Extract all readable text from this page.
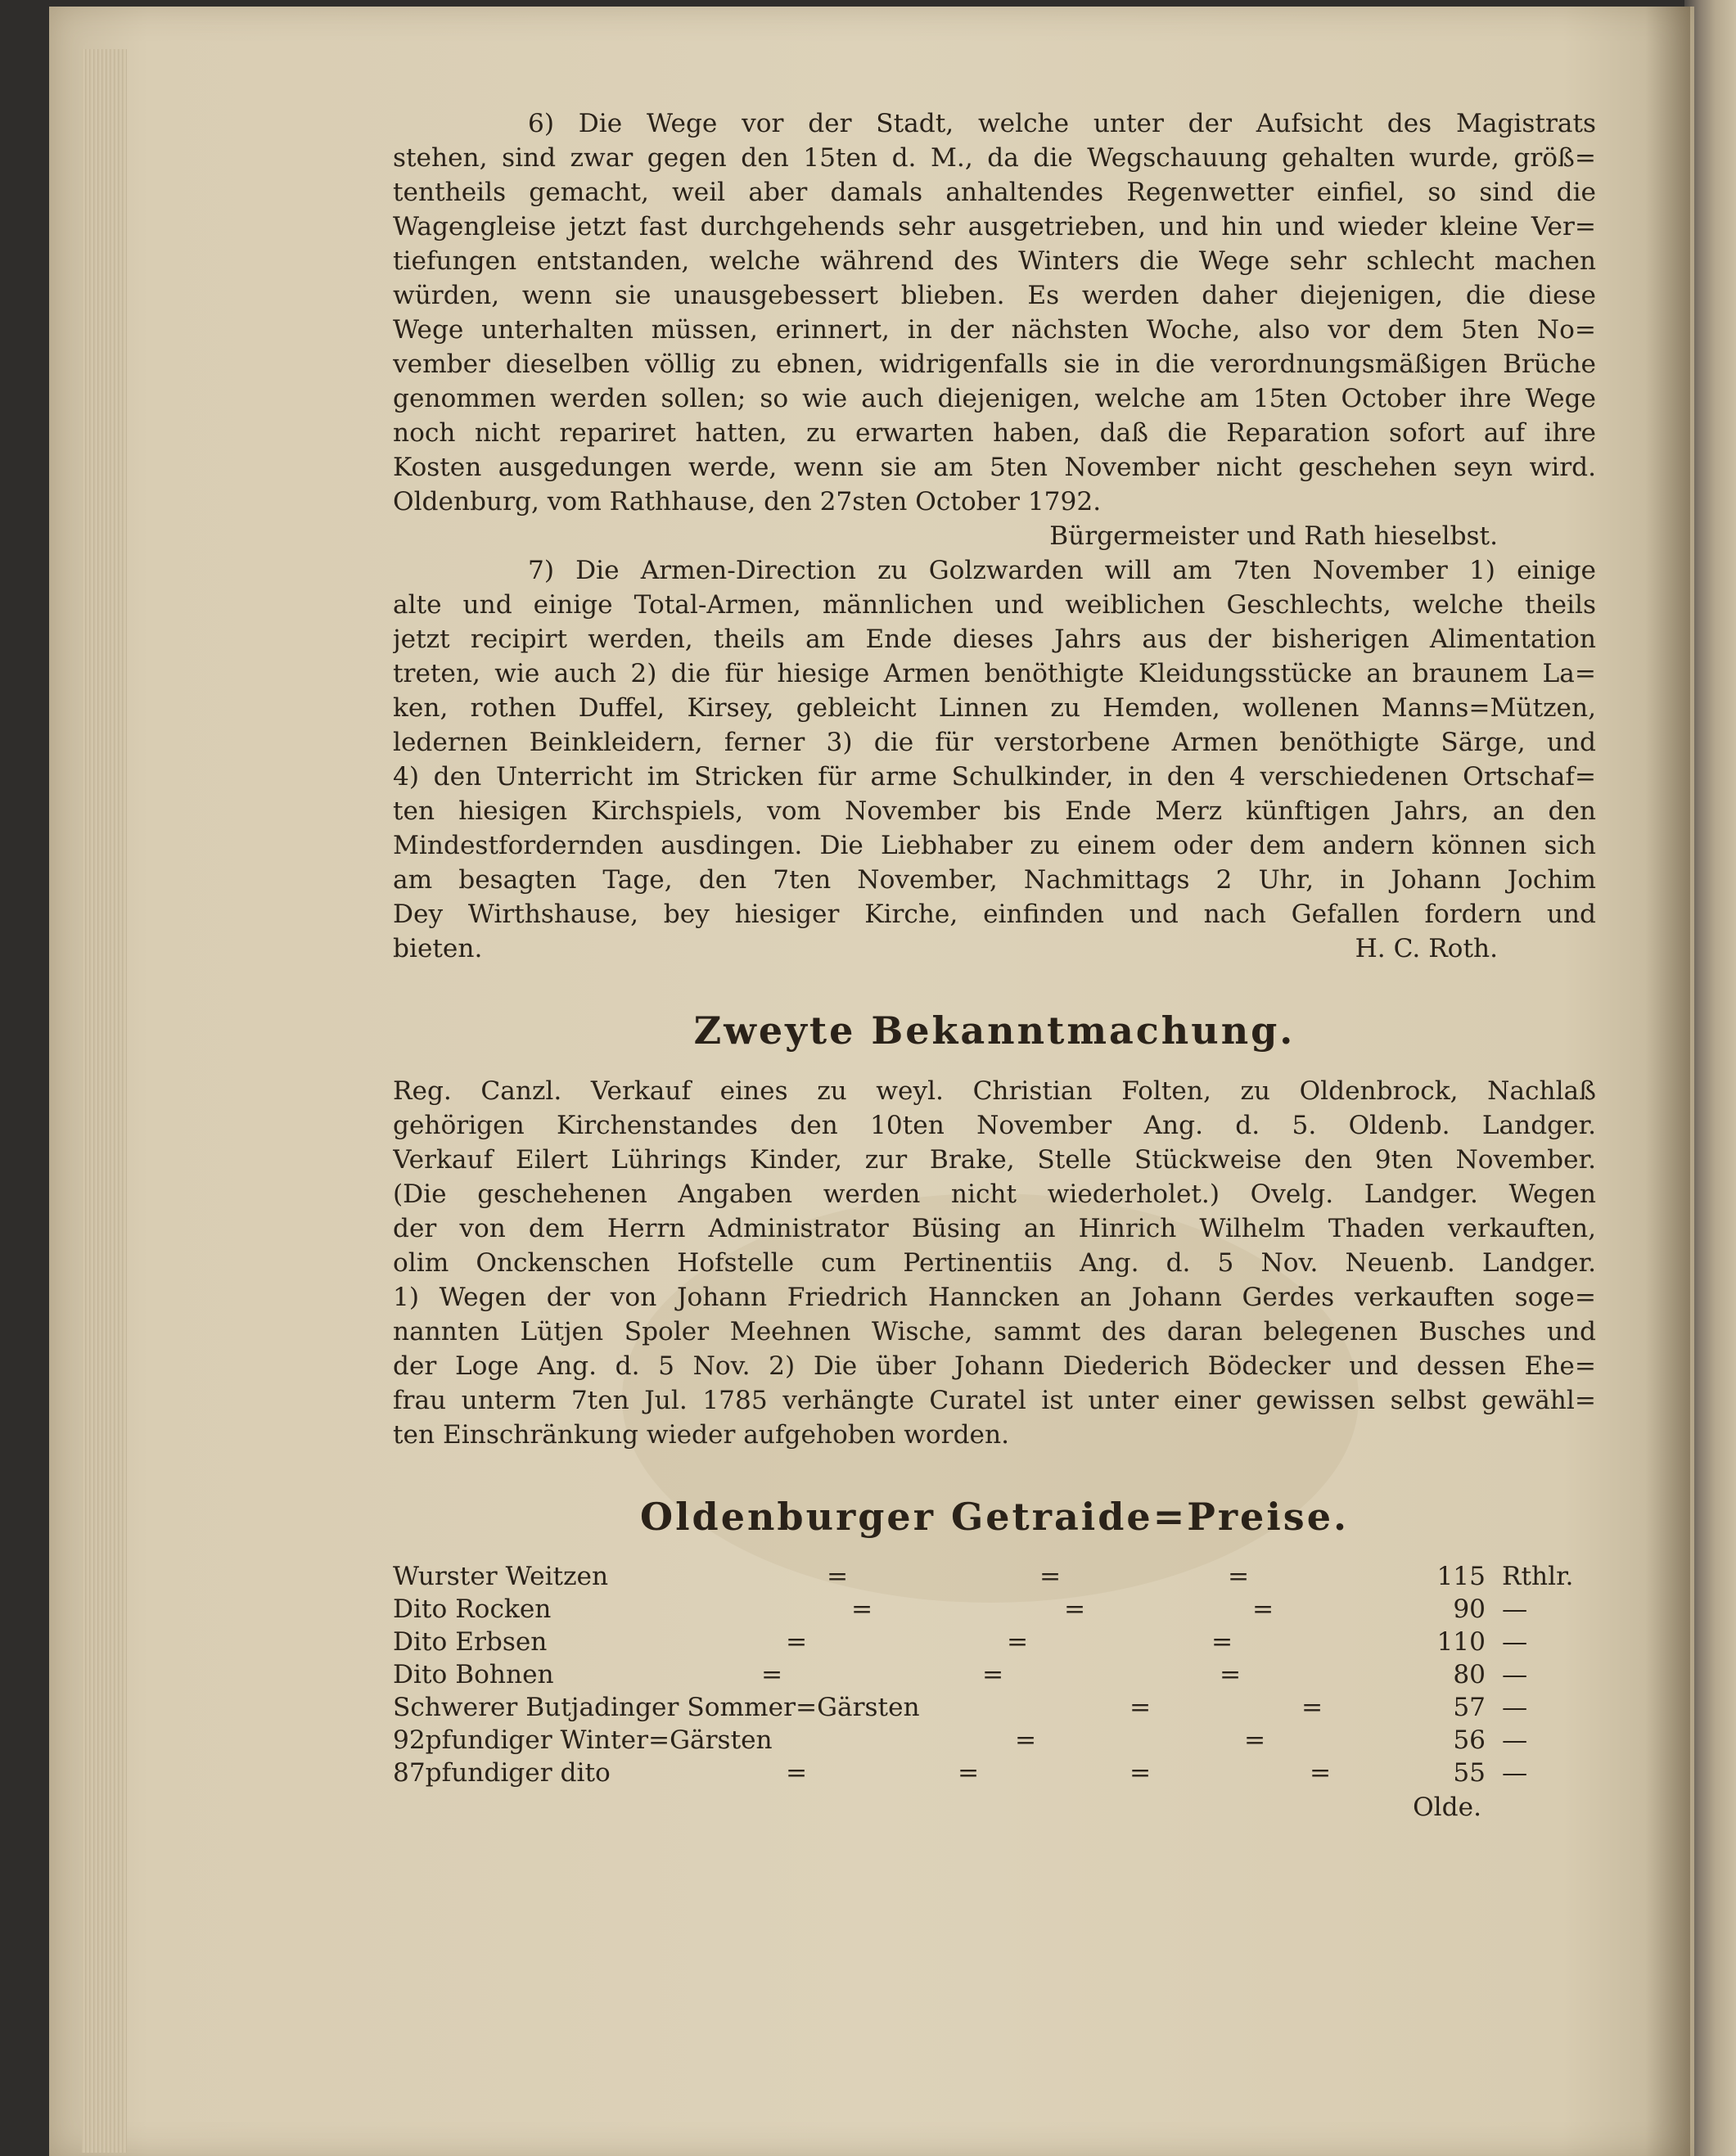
6) Die Wege vor der Stadt, welche unter der Aufsicht des Magistrats
stehen, sind zwar gegen den 15ten d. M., da die Wegschauung gehalten wurde, größ=
tentheils gemacht, weil aber damals anhaltendes Regenwetter einfiel, so sind die
Wagengleise jetzt fast durchgehends sehr ausgetrieben, und hin und wieder kleine Ver=
tiefungen entstanden, welche während des Winters die Wege sehr schlecht machen
würden, wenn sie unausgebessert blieben. Es werden daher diejenigen, die diese
Wege unterhalten müssen, erinnert, in der nächsten Woche, also vor dem 5ten No=
vember dieselben völlig zu ebnen, widrigenfalls sie in die verordnungsmäßigen Brüche
genommen werden sollen; so wie auch diejenigen, welche am 15ten October ihre Wege
noch nicht repariret hatten, zu erwarten haben, daß die Reparation sofort auf ihre
Kosten ausgedungen werde, wenn sie am 5ten November nicht geschehen seyn wird.
Oldenburg, vom Rathhause, den 27sten October 1792.
Bürgermeister und Rath hieselbst.
7) Die Armen-Direction zu Golzwarden will am 7ten November 1) einige
alte und einige Total-Armen, männlichen und weiblichen Geschlechts, welche theils
jetzt recipirt werden, theils am Ende dieses Jahrs aus der bisherigen Alimentation
treten, wie auch 2) die für hiesige Armen benöthigte Kleidungsstücke an braunem La=
ken, rothen Duffel, Kirsey, gebleicht Linnen zu Hemden, wollenen Manns=Mützen,
ledernen Beinkleidern, ferner 3) die für verstorbene Armen benöthigte Särge, und
4) den Unterricht im Stricken für arme Schulkinder, in den 4 verschiedenen Ortschaf=
ten hiesigen Kirchspiels, vom November bis Ende Merz künftigen Jahrs, an den
Mindestfordernden ausdingen. Die Liebhaber zu einem oder dem andern können sich
am besagten Tage, den 7ten November, Nachmittags 2 Uhr, in Johann Jochim
Dey Wirthshause, bey hiesiger Kirche, einfinden und nach Gefallen fordern und
bieten.	H. C. Roth.
Zweyte Bekanntmachung.
Reg. Canzl. Verkauf eines zu weyl. Christian Folten, zu Oldenbrock, Nachlaß
gehörigen Kirchenstandes den 10ten November Ang. d. 5. Oldenb. Landger.
Verkauf Eilert Lührings Kinder, zur Brake, Stelle Stückweise den 9ten November.
(Die geschehenen Angaben werden nicht wiederholet.) Ovelg. Landger. Wegen
der von dem Herrn Administrator Büsing an Hinrich Wilhelm Thaden verkauften,
olim Onckenschen Hofstelle cum Pertinentiis Ang. d. 5 Nov. Neuenb. Landger.
1) Wegen der von Johann Friedrich Hanncken an Johann Gerdes verkauften soge=
nannten Lütjen Spoler Meehnen Wische, sammt des daran belegenen Busches und
der Loge Ang. d. 5 Nov. 2) Die über Johann Diederich Bödecker und dessen Ehe=
frau unterm 7ten Jul. 1785 verhängte Curatel ist unter einer gewissen selbst gewähl=
ten Einschränkung wieder aufgehoben worden.
Oldenburger Getraide=Preise.
Wurster Weitzen	=	=	=	115 Rthlr.
Dito Rocken	=	=	=	90 —
Dito Erbsen	=	=	=	110 —
Dito Bohnen	=	=	=	80 —
Schwerer Butjadinger Sommer=Gärsten	=	=	57 —
92pfundiger Winter=Gärsten	=	=	56 —
87pfundiger dito	=	=	=	=	55 —
Olde.
